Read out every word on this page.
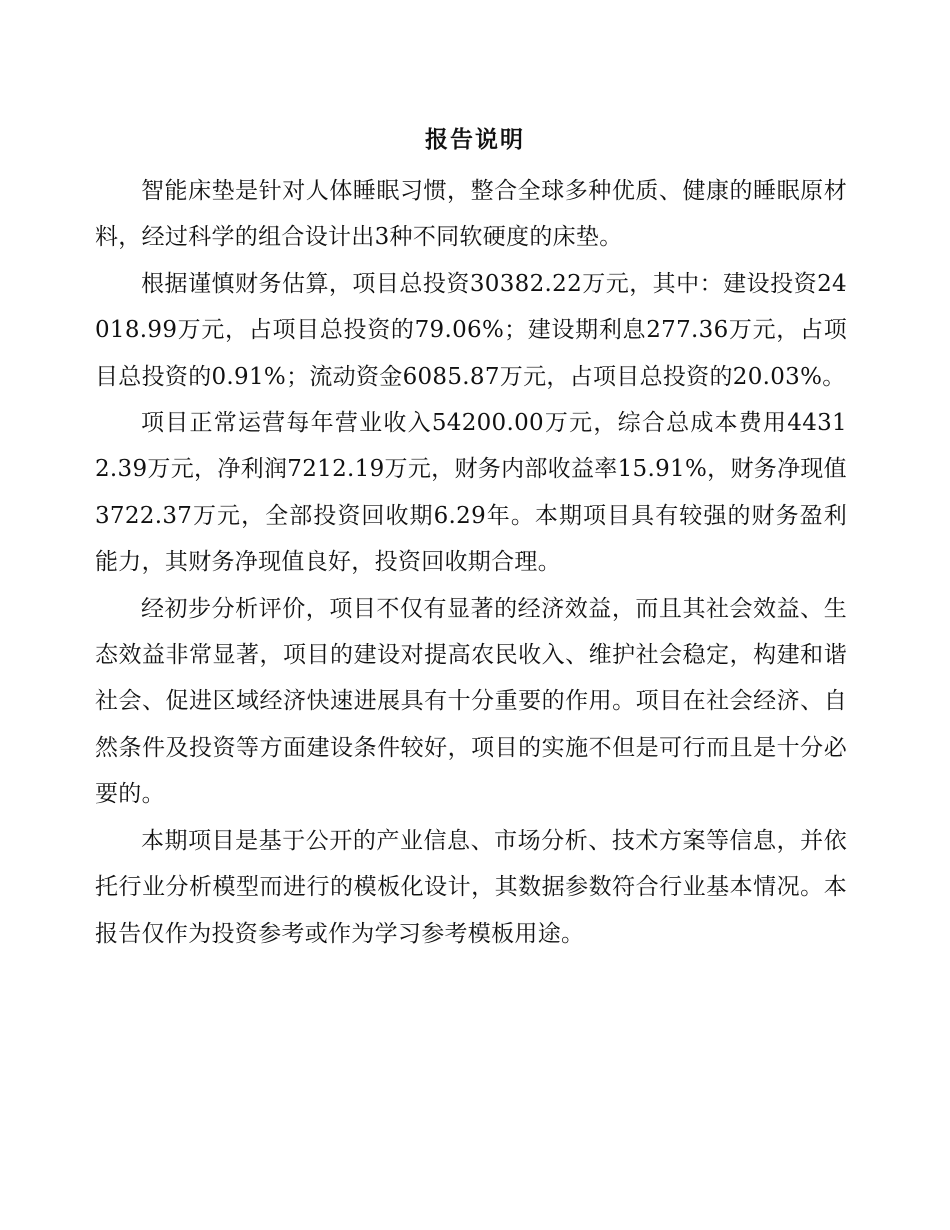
报告说明

智能床垫是针对人体睡眠习惯，整合全球多种优质、健康的睡眠原材料，经过科学的组合设计出3种不同软硬度的床垫。

根据谨慎财务估算，项目总投资30382.22万元，其中：建设投资24018.99万元，占项目总投资的79.06%；建设期利息277.36万元，占项目总投资的0.91%；流动资金6085.87万元，占项目总投资的20.03%。

项目正常运营每年营业收入54200.00万元，综合总成本费用44312.39万元，净利润7212.19万元，财务内部收益率15.91%，财务净现值3722.37万元，全部投资回收期6.29年。本期项目具有较强的财务盈利能力，其财务净现值良好，投资回收期合理。

经初步分析评价，项目不仅有显著的经济效益，而且其社会效益、生态效益非常显著，项目的建设对提高农民收入、维护社会稳定，构建和谐社会、促进区域经济快速进展具有十分重要的作用。项目在社会经济、自然条件及投资等方面建设条件较好，项目的实施不但是可行而且是十分必要的。

本期项目是基于公开的产业信息、市场分析、技术方案等信息，并依托行业分析模型而进行的模板化设计，其数据参数符合行业基本情况。本报告仅作为投资参考或作为学习参考模板用途。
